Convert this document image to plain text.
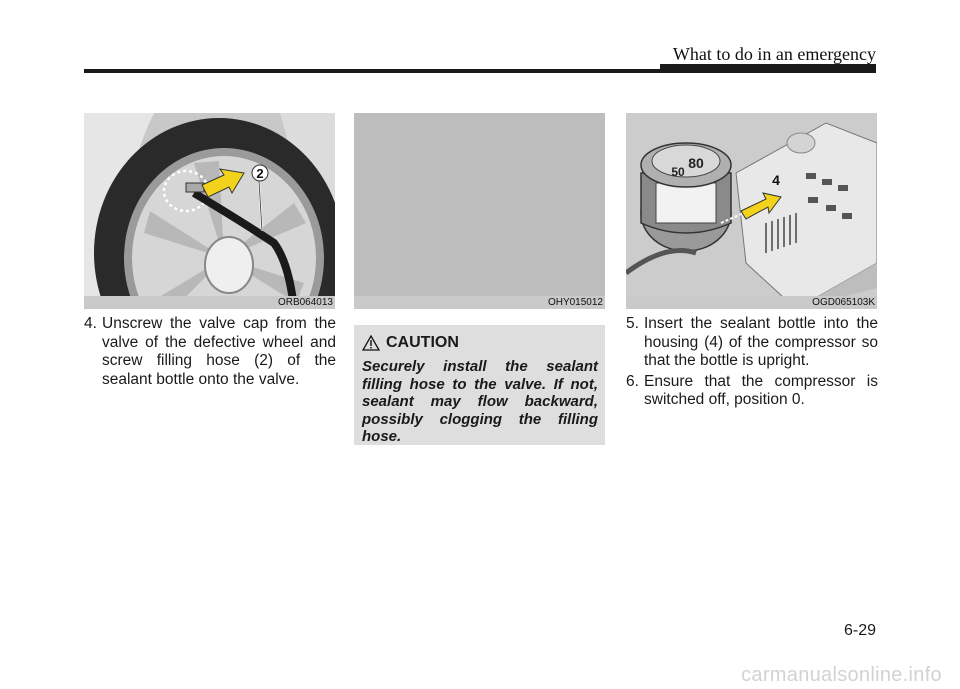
What to do in an emergency
2
ORB064013	OHY015012
80
50	4
OGD065103K
4. Unscrew the valve cap from the valve of the defective wheel and screw filling hose (2) of the sealant bottle onto the valve.
CAUTION
Securely install the sealant filling hose to the valve. If not, sealant may flow backward, possibly clogging the filling hose.
5. Insert the sealant bottle into the housing (4) of the compressor so that the bottle is upright.
6. Ensure that the compressor is switched off, position 0.
6-29
carmanualsonline.info
